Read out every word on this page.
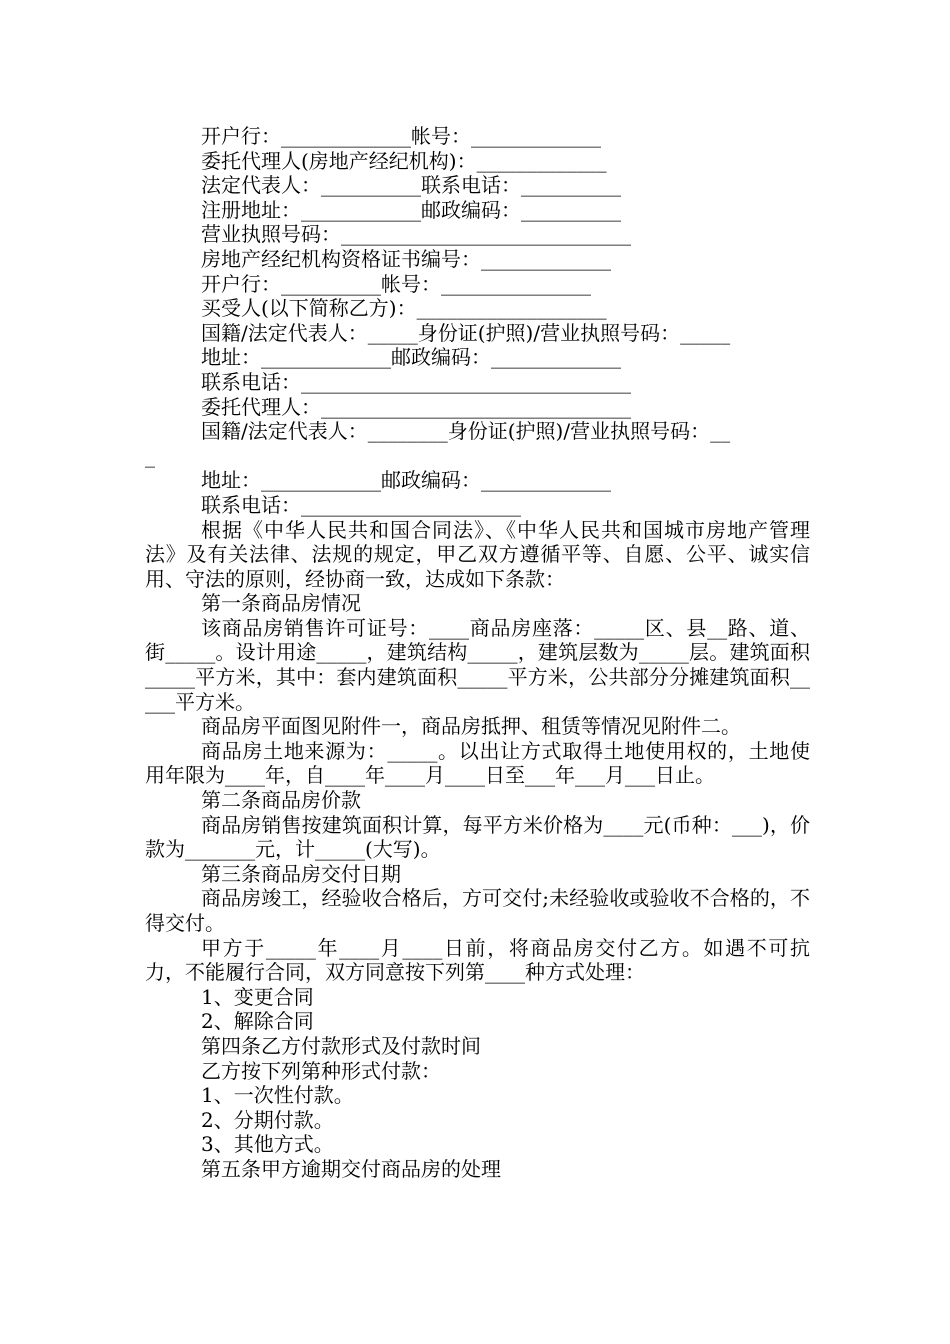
开户行：_____________帐号：_____________
委托代理人(房地产经纪机构)：_____________
法定代表人：__________联系电话：__________
注册地址：____________邮政编码：__________
营业执照号码：_____________________________
房地产经纪机构资格证书编号：_____________
开户行：__________帐号：_______________
买受人(以下简称乙方)：___________________
国籍/法定代表人：_____身份证(护照)/营业执照号码：_____
地址：_____________邮政编码：_____________
联系电话：_________________________________
委托代理人：_______________________________
国籍/法定代表人：________身份证(护照)/营业执照号码：__
_
地址：____________邮政编码：_____________
联系电话：______________________
根据《中华人民共和国合同法》、《中华人民共和国城市房地产管理法》及有关法律、法规的规定，甲乙双方遵循平等、自愿、公平、诚实信用、守法的原则，经协商一致，达成如下条款：
第一条商品房情况
该商品房销售许可证号：____商品房座落：_____区、县__路、道、街_____。设计用途_____，建筑结构_____，建筑层数为_____层。建筑面积_____平方米，其中：套内建筑面积_____平方米，公共部分分摊建筑面积_____平方米。
商品房平面图见附件一，商品房抵押、租赁等情况见附件二。
商品房土地来源为：_____。以出让方式取得土地使用权的，土地使用年限为____年，自____年____月____日至___年___月___日止。
第二条商品房价款
商品房销售按建筑面积计算，每平方米价格为____元(币种：___)，价款为_______元，计_____(大写)。
第三条商品房交付日期
商品房竣工，经验收合格后，方可交付;未经验收或验收不合格的，不得交付。
甲方于_____年____月____日前，将商品房交付乙方。如遇不可抗力，不能履行合同，双方同意按下列第____种方式处理：
1、变更合同
2、解除合同
第四条乙方付款形式及付款时间
乙方按下列第种形式付款：
1、一次性付款。
2、分期付款。
3、其他方式。
第五条甲方逾期交付商品房的处理
